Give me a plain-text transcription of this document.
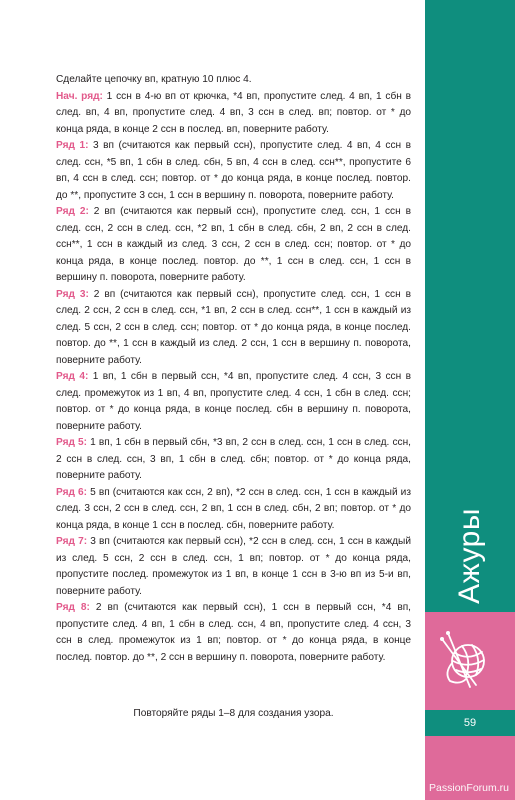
Ажуры
59

Сделайте цепочку вп, кратную 10 плюс 4.

Нач. ряд: 1 ссн в 4-ю вп от крючка, *4 вп, пропустите след. 4 вп, 1 сбн в след. вп, 4 вп, пропустите след. 4 вп, 3 ссн в след. вп; повтор. от * до конца ряда, в конце 2 ссн в послед. вп, поверните работу.

Ряд 1: 3 вп (считаются как первый ссн), пропустите след. 4 вп, 4 ссн в след. ссн, *5 вп, 1 сбн в след. сбн, 5 вп, 4 ссн в след. ссн**, пропустите 6 вп, 4 ссн в след. ссн; повтор. от * до конца ряда, в конце послед. повтор. до **, пропустите 3 ссн, 1 ссн в вершину п. поворота, поверните работу.

Ряд 2: 2 вп (считаются как первый ссн), пропустите след. ссн, 1 ссн в след. ссн, 2 ссн в след. ссн, *2 вп, 1 сбн в след. сбн, 2 вп, 2 ссн в след. ссн**, 1 ссн в каждый из след. 3 ссн, 2 ссн в след. ссн; повтор. от * до конца ряда, в конце послед. повтор. до **, 1 ссн в след. ссн, 1 ссн в вершину п. поворота, поверните работу.

Ряд 3: 2 вп (считаются как первый ссн), пропустите след. ссн, 1 ссн в след. 2 ссн, 2 ссн в след. ссн, *1 вп, 2 ссн в след. ссн**, 1 ссн в каждый из след. 5 ссн, 2 ссн в след. ссн; повтор. от * до конца ряда, в конце послед. повтор. до **, 1 ссн в каждый из след. 2 ссн, 1 ссн в вершину п. поворота, поверните работу.

Ряд 4: 1 вп, 1 сбн в первый ссн, *4 вп, пропустите след. 4 ссн, 3 ссн в след. промежуток из 1 вп, 4 вп, пропустите след. 4 ссн, 1 сбн в след. ссн; повтор. от * до конца ряда, в конце послед. сбн в вершину п. поворота, поверните работу.

Ряд 5: 1 вп, 1 сбн в первый сбн, *3 вп, 2 ссн в след. ссн, 1 ссн в след. ссн, 2 ссн в след. ссн, 3 вп, 1 сбн в след. сбн; повтор. от * до конца ряда, поверните работу.

Ряд 6: 5 вп (считаются как ссн, 2 вп), *2 ссн в след. ссн, 1 ссн в каждый из след. 3 ссн, 2 ссн в след. ссн, 2 вп, 1 ссн в след. сбн, 2 вп; повтор. от * до конца ряда, в конце 1 ссн в послед. сбн, поверните работу.

Ряд 7: 3 вп (считаются как первый ссн), *2 ссн в след. ссн, 1 ссн в каждый из след. 5 ссн, 2 ссн в след. ссн, 1 вп; повтор. от * до конца ряда, пропустите послед. промежуток из 1 вп, в конце 1 ссн в 3-ю вп из 5-и вп, поверните работу.

Ряд 8: 2 вп (считаются как первый ссн), 1 ссн в первый ссн, *4 вп, пропустите след. 4 вп, 1 сбн в след. ссн, 4 вп, пропустите след. 4 ссн, 3 ссн в след. промежуток из 1 вп; повтор. от * до конца ряда, в конце послед. повтор. до **, 2 ссн в вершину п. поворота, поверните работу.

Повторяйте ряды 1–8 для создания узора.
PassionForum.ru
